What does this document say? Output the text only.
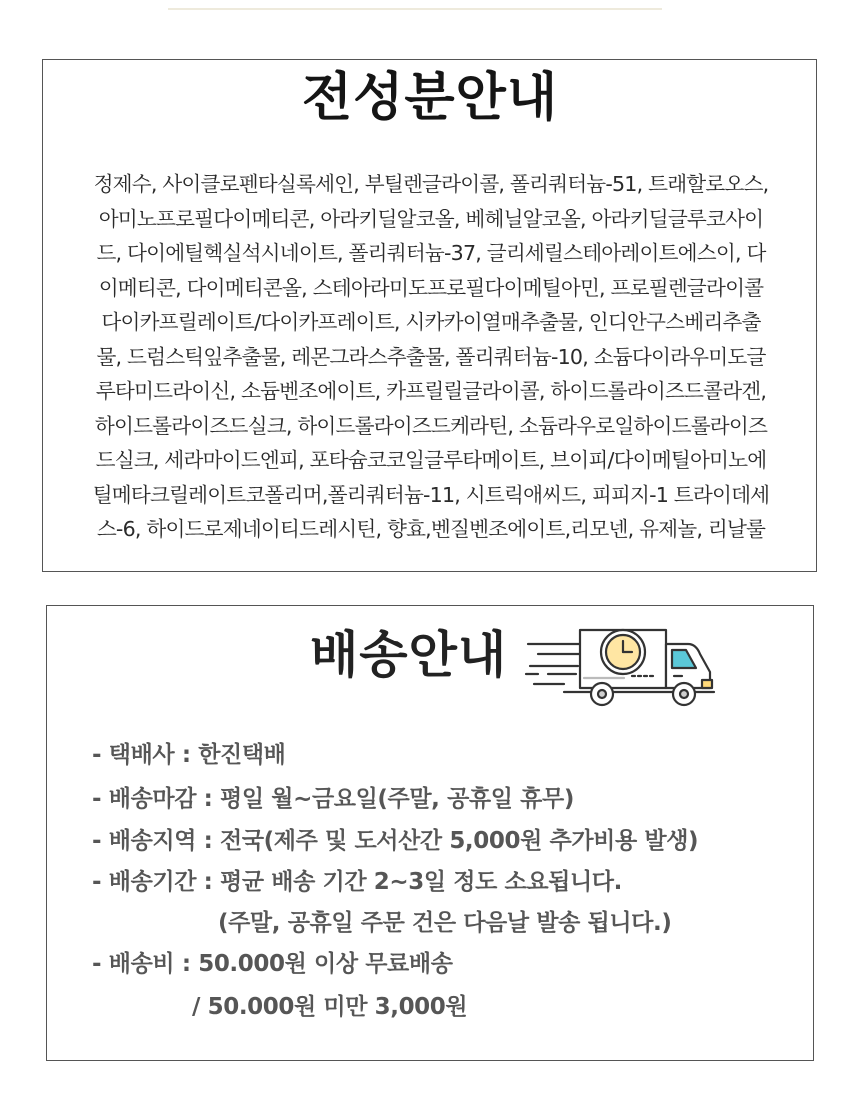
전성분안내
정제수, 사이클로펜타실록세인, 부틸렌글라이콜, 폴리쿼터늄-51, 트래할로오스,
아미노프로필다이메티콘, 아라키딜알코올, 베헤닐알코올, 아라키딜글루코사이
드, 다이에틸헥실석시네이트, 폴리쿼터늄-37, 글리세릴스테아레이트에스이, 다
이메티콘, 다이메티콘올, 스테아라미도프로필다이메틸아민, 프로필렌글라이콜
다이카프릴레이트/다이카프레이트, 시카카이열매추출물, 인디안구스베리추출
물, 드럼스틱잎추출물, 레몬그라스추출물, 폴리쿼터늄-10, 소듐다이라우미도글
루타미드라이신, 소듐벤조에이트, 카프릴릴글라이콜, 하이드롤라이즈드콜라겐,
하이드롤라이즈드실크, 하이드롤라이즈드케라틴, 소듐라우로일하이드롤라이즈
드실크, 세라마이드엔피, 포타슘코코일글루타메이트, 브이피/다이메틸아미노에
틸메타크릴레이트코폴리머,폴리쿼터늄-11, 시트릭애씨드, 피피지-1 트라이데세
스-6, 하이드로제네이티드레시틴, 향효,벤질벤조에이트,리모넨, 유제놀, 리날룰
배송안내
- 택배사 : 한진택배
- 배송마감 : 평일 월~금요일(주말, 공휴일 휴무)
- 배송지역 : 전국(제주 및 도서산간 5,000원 추가비용 발생)
- 배송기간 : 평균 배송 기간 2~3일 정도 소요됩니다.
(주말, 공휴일 주문 건은 다음날 발송 됩니다.)
- 배송비 : 50.000원 이상 무료배송
/ 50.000원 미만 3,000원
